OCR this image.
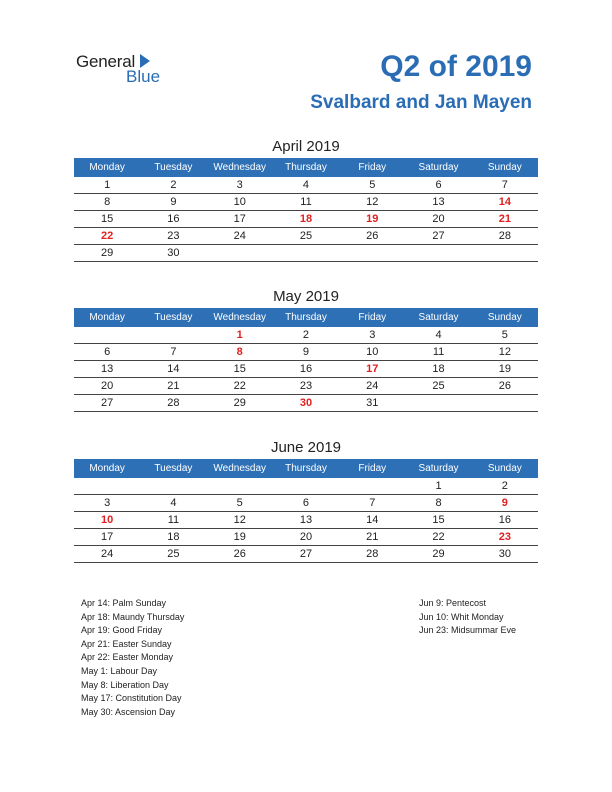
General
Blue	Q2 of 2019
Svalbard and Jan Mayen
April 2019
Monday	Tuesday	Wednesday	Thursday	Friday	Saturday	Sunday
1	2	3	4	5	6	7
8	9	10	11	12	13	14
15	16	17	18	19	20	21
22	23	24	25	26	27	28
29	30					
May 2019
Monday	Tuesday	Wednesday	Thursday	Friday	Saturday	Sunday
		1	2	3	4	5
6	7	8	9	10	11	12
13	14	15	16	17	18	19
20	21	22	23	24	25	26
27	28	29	30	31		
June 2019
Monday	Tuesday	Wednesday	Thursday	Friday	Saturday	Sunday
					1	2
3	4	5	6	7	8	9
10	11	12	13	14	15	16
17	18	19	20	21	22	23
24	25	26	27	28	29	30
Apr 14: Palm Sunday
Apr 18: Maundy Thursday
Apr 19: Good Friday
Apr 21: Easter Sunday
Apr 22: Easter Monday
May 1: Labour Day
May 8: Liberation Day
May 17: Constitution Day
May 30: Ascension Day
Jun 9: Pentecost
Jun 10: Whit Monday
Jun 23: Midsummar Eve
